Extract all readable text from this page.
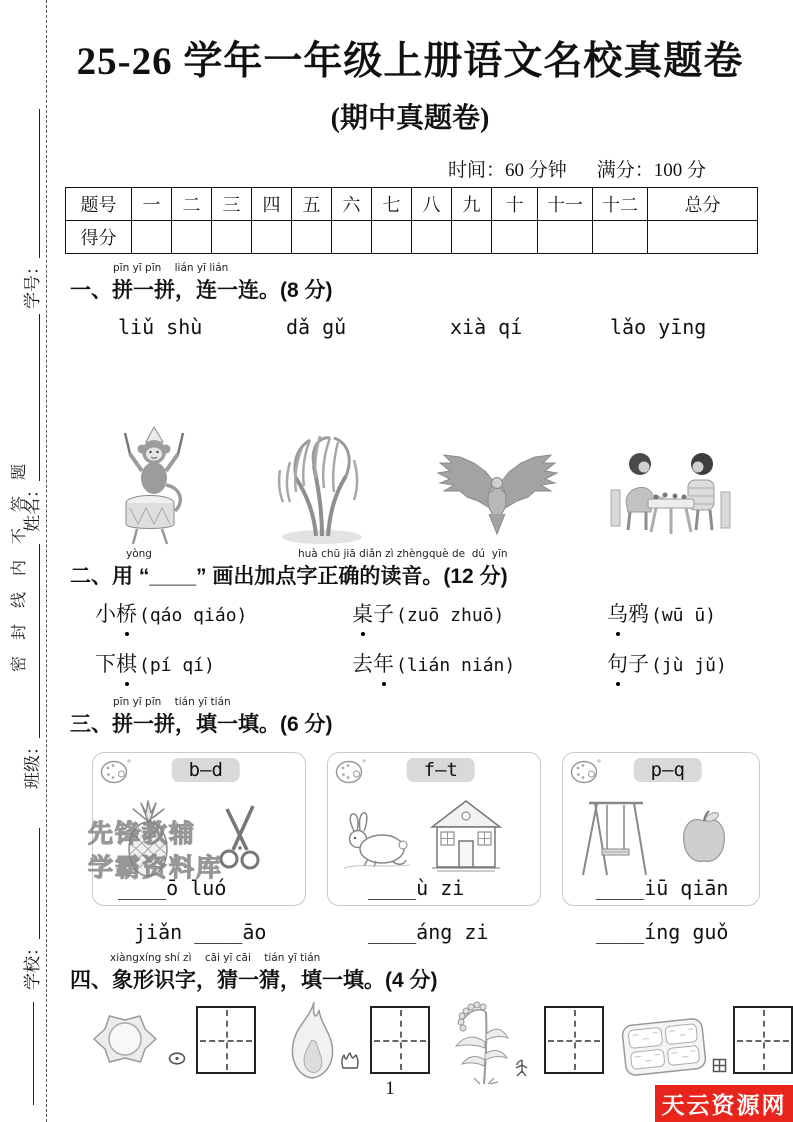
学号：
姓名：
班级：
学校：
密 封 线 内 不 答 题
25-26 学年一年级上册语文名校真题卷
(期中真题卷)
时间：60 分钟 满分：100 分
题号	一	二	三	四	五	六	七	八	九	十	十一	十二	总分
得分													
pīn yī pīn    lián yī lián
一、拼一拼，连一连。(8 分)
liǔ shù	dǎ gǔ	xià qí	lǎo yīng
yòng	huà chū jiā diǎn zì zhèngquè de  dú  yīn
二、用 “____” 画出加点字正确的读音。(12 分)
小桥 (qáo qiáo)	桌子 (zuō zhuō)	乌鸦 (wū ū)
下棋 (pí qí)	去年 (lián nián)	句子 (jù jǔ)
pīn yī pīn    tián yī tián
三、拼一拼，填一填。(6 分)
b—d	f—t	p—q
____ō luó	____ù zi	____iū qiān
jiǎn ____āo	____áng zi	____íng guǒ
xiàngxíng shí zì    cāi yī cāi    tián yī tián
四、象形识字，猜一猜，填一填。(4 分)
先锋教辅
学霸资料库
1
天云资源网
